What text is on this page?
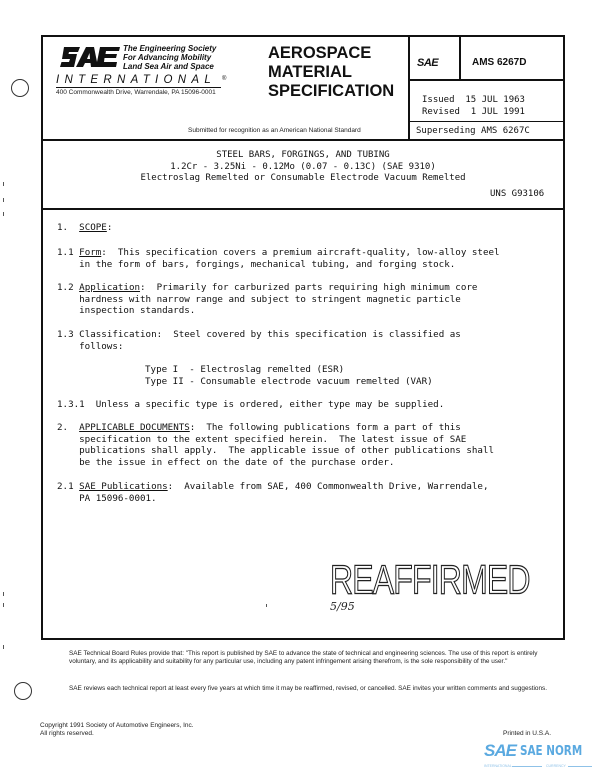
The Engineering Society
For Advancing Mobility
Land Sea Air and Space
INTERNATIONAL ®
400 Commonwealth Drive, Warrendale, PA 15096-0001
AEROSPACE
MATERIAL
SPECIFICATION
Submitted for recognition as an American National Standard
SAE	AMS 6267D
Issued 15 JUL 1963
Revised 1 JUL 1991
Superseding AMS 6267C
STEEL BARS, FORGINGS, AND TUBING
1.2Cr - 3.25Ni - 0.12Mo (0.07 - 0.13C) (SAE 9310)
Electroslag Remelted or Consumable Electrode Vacuum Remelted
UNS G93106
1. SCOPE:
1.1 Form:  This specification covers a premium aircraft-quality, low-alloy steel
in the form of bars, forgings, mechanical tubing, and forging stock.
1.2 Application:  Primarily for carburized parts requiring high minimum core
hardness with narrow range and subject to stringent magnetic particle
inspection standards.
1.3 Classification:  Steel covered by this specification is classified as
follows:
Type I  - Electroslag remelted (ESR)
Type II - Consumable electrode vacuum remelted (VAR)
1.3.1 Unless a specific type is ordered, either type may be supplied.
2. APPLICABLE DOCUMENTS:  The following publications form a part of this
specification to the extent specified herein.  The latest issue of SAE
publications shall apply.  The applicable issue of other publications shall
be the issue in effect on the date of the purchase order.
2.1 SAE Publications:  Available from SAE, 400 Commonwealth Drive, Warrendale,
PA 15096-0001.
REAFFIRMED
5/95
SAE Technical Board Rules provide that: "This report is published by SAE to advance the state of technical and engineering sciences. The use of this report is entirely voluntary, and its applicability and suitability for any particular use, including any patent infringement arising therefrom, is the sole responsibility of the user."
SAE reviews each technical report at least every five years at which time it may be reaffirmed, revised, or cancelled. SAE invites your written comments and suggestions.
Copyright 1991 Society of Automotive Engineers, Inc.
All rights reserved.	Printed in U.S.A.
SAE SAE NORM
INTERNATIONAL	CURRENCY
